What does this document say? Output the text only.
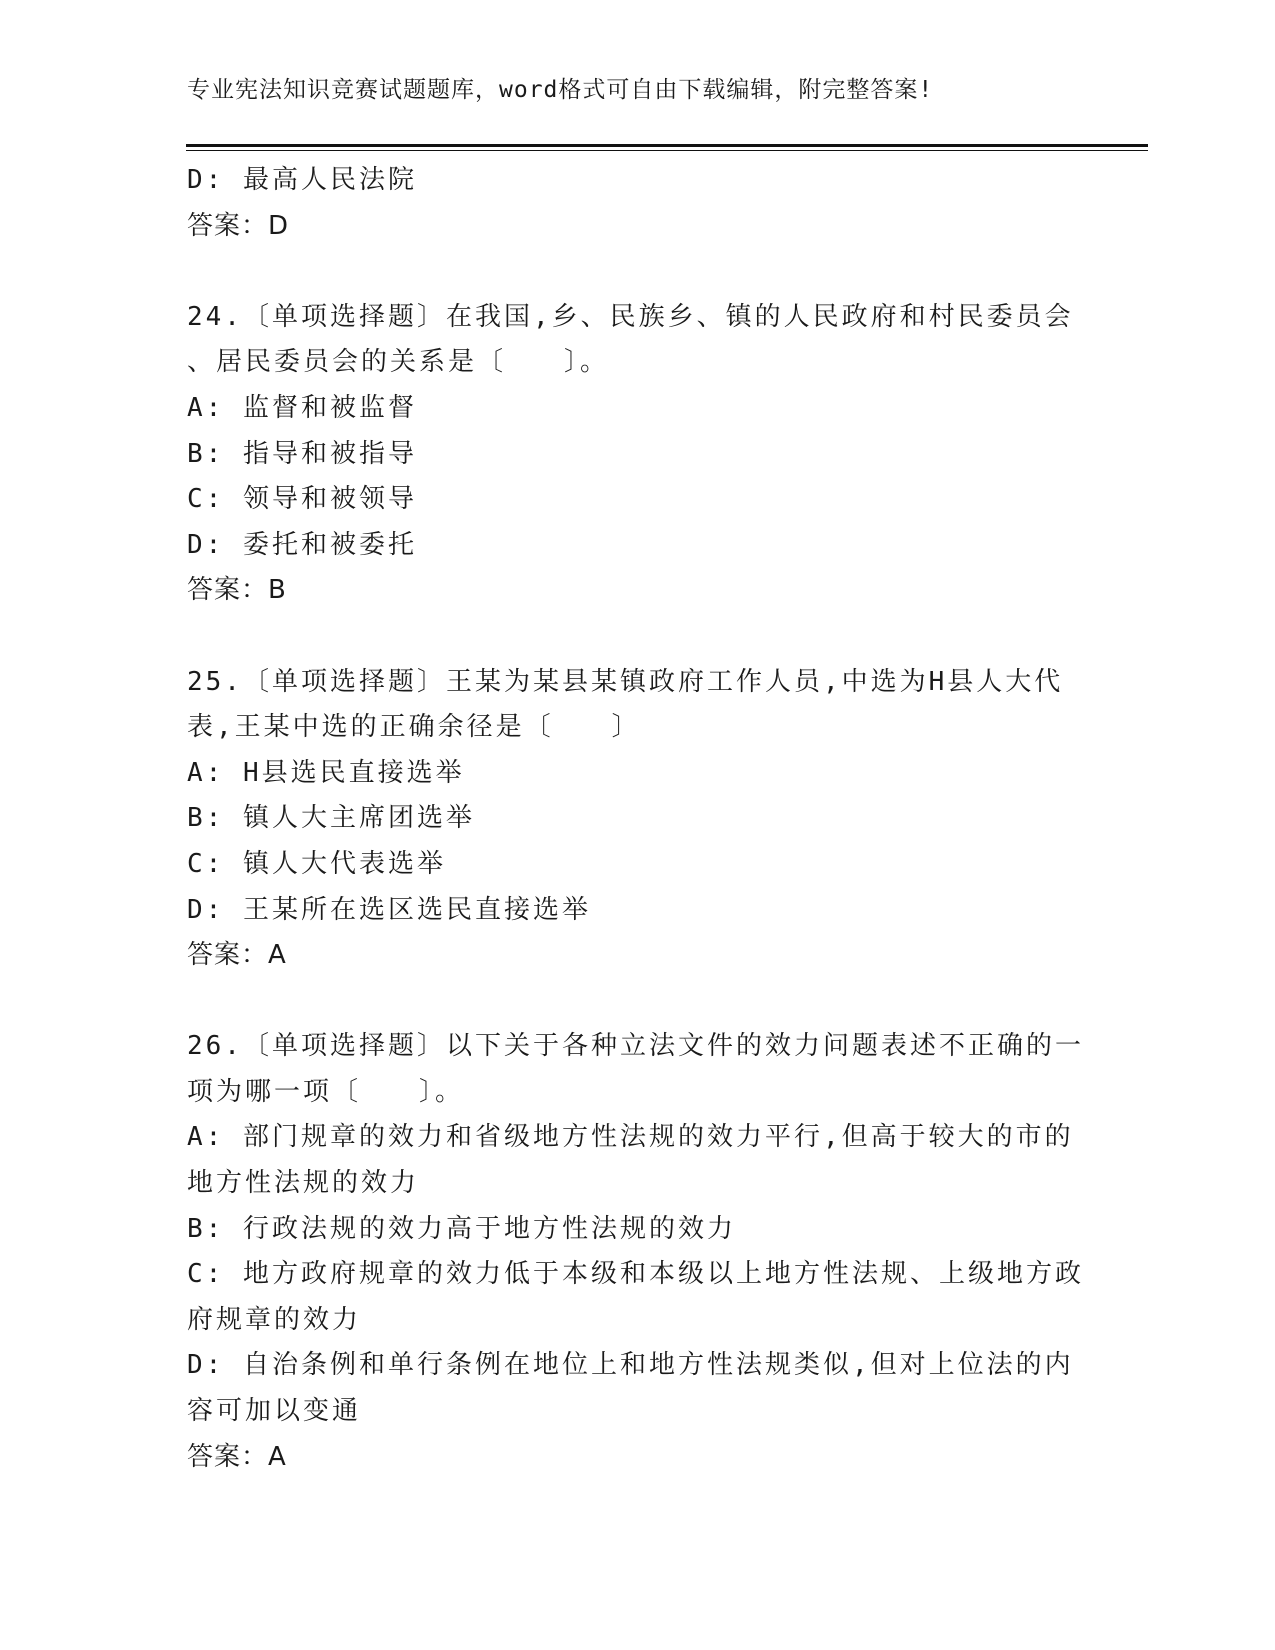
专业宪法知识竞赛试题题库，word格式可自由下载编辑，附完整答案!
D: 最高人民法院
答案：D
24.〔单项选择题〕在我国,乡、民族乡、镇的人民政府和村民委员会
、居民委员会的关系是〔　　〕。
A: 监督和被监督
B: 指导和被指导
C: 领导和被领导
D: 委托和被委托
答案：B
25.〔单项选择题〕王某为某县某镇政府工作人员,中选为H县人大代
表,王某中选的正确余径是〔　　〕
A: H县选民直接选举
B: 镇人大主席团选举
C: 镇人大代表选举
D: 王某所在选区选民直接选举
答案：A
26.〔单项选择题〕以下关于各种立法文件的效力问题表述不正确的一
项为哪一项〔　　〕。
A: 部门规章的效力和省级地方性法规的效力平行,但高于较大的市的
地方性法规的效力
B: 行政法规的效力高于地方性法规的效力
C: 地方政府规章的效力低于本级和本级以上地方性法规、上级地方政
府规章的效力
D: 自治条例和单行条例在地位上和地方性法规类似,但对上位法的内
容可加以变通
答案：A
